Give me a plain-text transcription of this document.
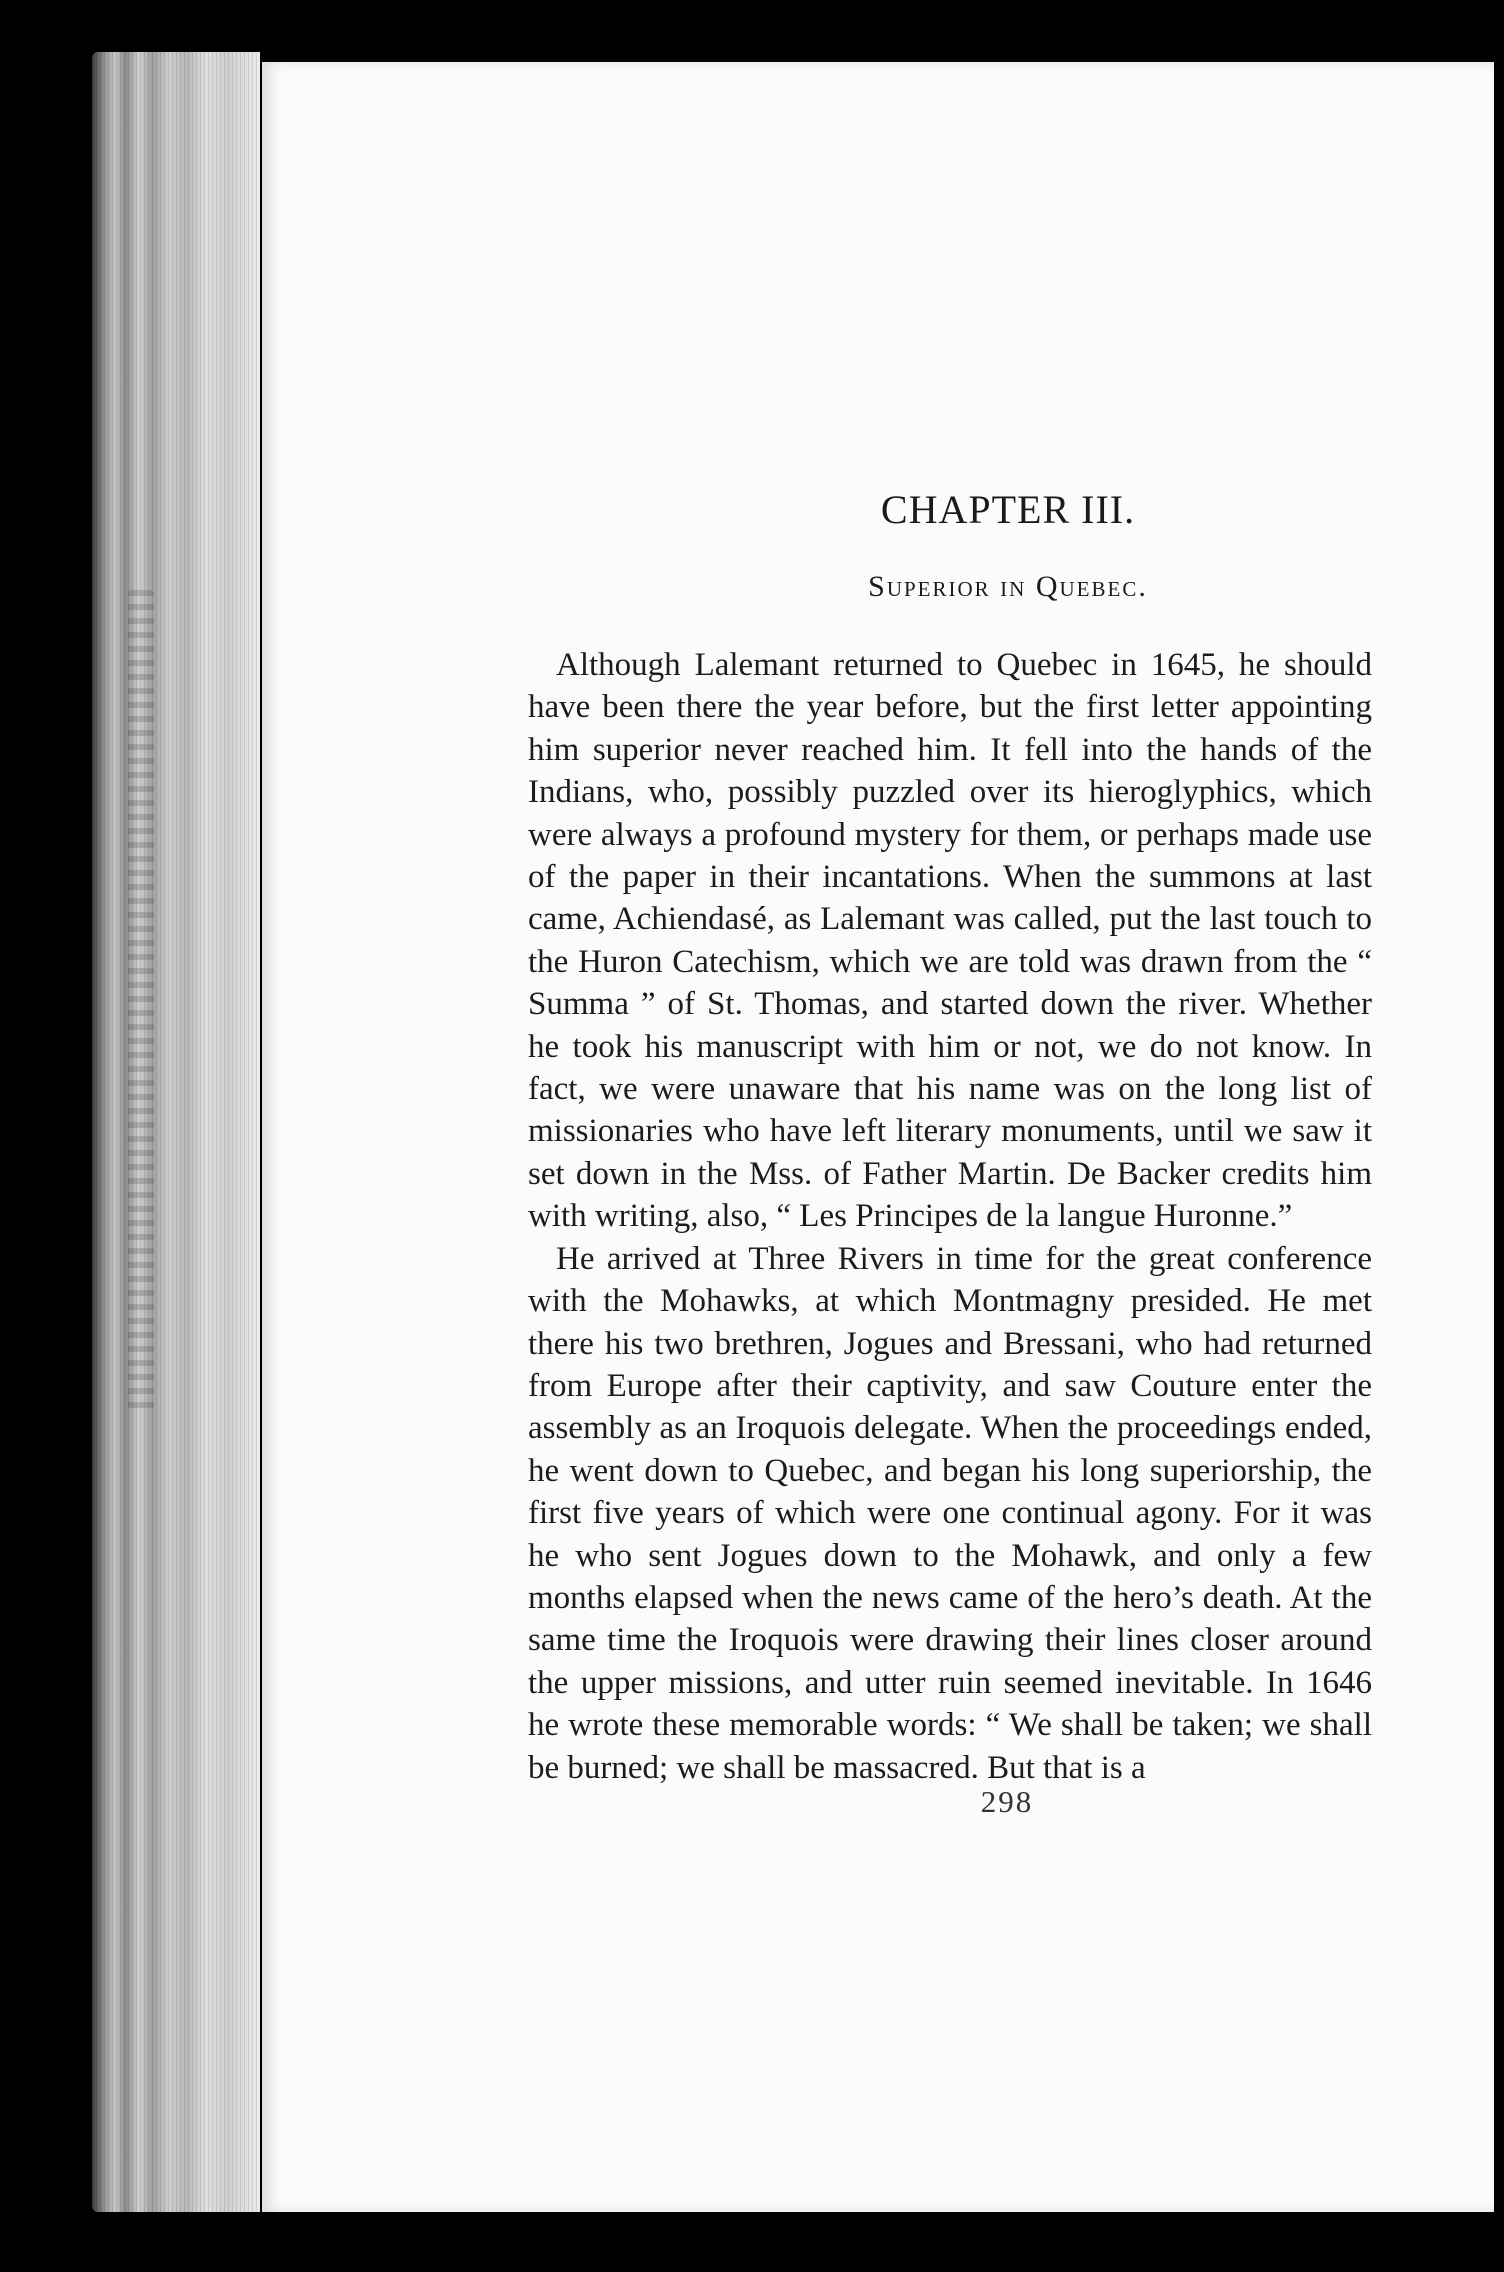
CHAPTER III.
Superior in Quebec.

Although Lalemant returned to Quebec in 1645, he should have been there the year before, but the first letter appointing him superior never reached him. It fell into the hands of the Indians, who, possibly puzzled over its hieroglyphics, which were always a profound mystery for them, or perhaps made use of the paper in their incantations. When the summons at last came, Achiendasé, as Lalemant was called, put the last touch to the Huron Catechism, which we are told was drawn from the “ Summa ” of St. Thomas, and started down the river. Whether he took his manuscript with him or not, we do not know. In fact, we were unaware that his name was on the long list of missionaries who have left literary monuments, until we saw it set down in the Mss. of Father Martin. De Backer credits him with writing, also, “ Les Principes de la langue Huronne.”

He arrived at Three Rivers in time for the great conference with the Mohawks, at which Montmagny presided. He met there his two brethren, Jogues and Bressani, who had returned from Europe after their captivity, and saw Couture enter the assembly as an Iroquois delegate. When the proceedings ended, he went down to Quebec, and began his long superiorship, the first five years of which were one continual agony. For it was he who sent Jogues down to the Mohawk, and only a few months elapsed when the news came of the hero’s death. At the same time the Iroquois were drawing their lines closer around the upper missions, and utter ruin seemed inevitable. In 1646 he wrote these memorable words: “ We shall be taken; we shall be burned; we shall be massacred. But that is a

298
